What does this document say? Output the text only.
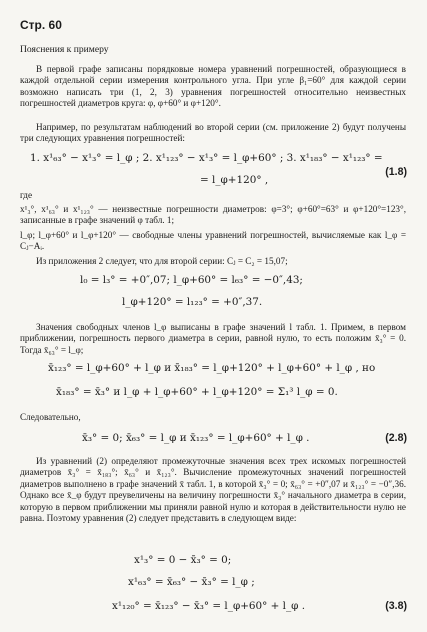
Стр. 60
Пояснения к примеру

В первой графе записаны порядковые номера уравнений погрешностей, образующиеся в каждой отдельной серии измерения контрольного угла. При угле β₁=60° для каждой серии возможно написать три (1, 2, 3) уравнения погрешностей относительно неизвестных погрешностей диаметров круга: φ, φ+60° и φ+120°.

Например, по результатам наблюдений во второй серии (см. приложение 2) будут получены три следующих уравнения погрешностей:

1. x¹₆₃° − x¹₃° = l_φ ; 2. x¹₁₂₃° − x¹₃° = l_φ+60° ; 3. x¹₁₈₃° − x¹₁₂₃° =
= l_φ+120° ,
(1.8)

где

x¹₃°, x¹₆₃° и x¹₁₂₃° — неизвестные погрешности диаметров: φ=3°; φ+60°=63° и φ+120°=123°, записанные в графе значений φ табл. 1;

l_φ; l_φ+60° и l_φ+120° — свободные члены уравнений погрешностей, вычисляемые как l_φ = Cⱼ−Aᵢ.

Из приложения 2 следует, что для второй серии: Cⱼ = C₂ = 15,07;

l₀ = l₃° = +0″,07; l_φ+60° = l₆₃° = −0″,43;
l_φ+120° = l₁₂₃° = +0″,37.

Значения свободных членов l_φ выписаны в графе значений l табл. 1. Примем, в первом приближении, погрешность первого диаметра в серии, равной нулю, то есть положим x̄₃° = 0. Тогда x̄₆₃° = l_φ;

x̄₁₂₃° = l_φ+60° + l_φ и x̄₁₈₃° = l_φ+120° + l_φ+60° + l_φ , но
x̄₁₈₃° = x̄₃° и l_φ + l_φ+60° + l_φ+120° = Σ₁³ l_φ = 0.

Следовательно,

x̄₃° = 0; x̄₆₃° = l_φ и x̄₁₂₃° = l_φ+60° + l_φ .	(2.8)

Из уравнений (2) определяют промежуточные значения всех трех искомых погрешностей диаметров x̄₃° = x̄₁₈₃°; x̄₆₃° и x̄₁₂₃°. Вычисление промежуточных значений погрешностей диаметров выполнено в графе значений x̄ табл. 1, в которой x̄₃° = 0; x̄₆₃° = +0″,07 и x̄₁₂₃° = −0″,36. Однако все x̄_φ будут преувеличены на величину погрешности x̄₃° начального диаметра в серии, которую в первом приближении мы приняли равной нулю и которая в действительности нулю не равна. Поэтому уравнения (2) следует представить в следующем виде:

x¹₃° = 0 − x̄₃° = 0;
x¹₆₃° = x̄₆₃° − x̄₃° = l_φ ;
x¹₁₂₀° = x̄₁₂₃° − x̄₃° = l_φ+60° + l_φ .	(3.8)
